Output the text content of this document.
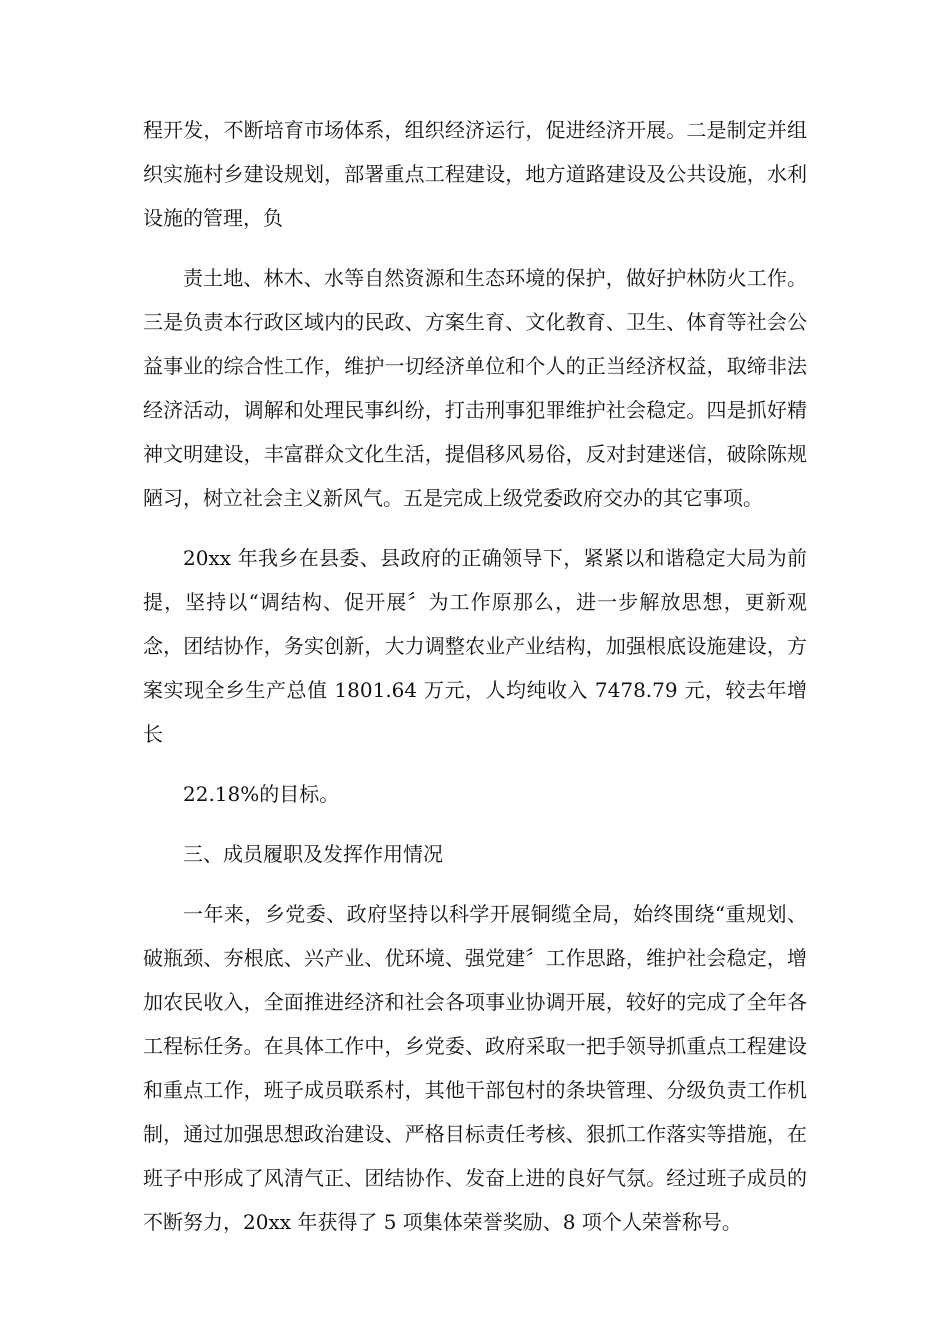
程开发，不断培育市场体系，组织经济运行，促进经济开展。二是制定并组织实施村乡建设规划，部署重点工程建设，地方道路建设及公共设施，水利设施的管理，负

责土地、林木、水等自然资源和生态环境的保护，做好护林防火工作。三是负责本行政区域内的民政、方案生育、文化教育、卫生、体育等社会公益事业的综合性工作，维护一切经济单位和个人的正当经济权益，取缔非法经济活动，调解和处理民事纠纷，打击刑事犯罪维护社会稳定。四是抓好精神文明建设，丰富群众文化生活，提倡移风易俗，反对封建迷信，破除陈规陋习，树立社会主义新风气。五是完成上级党委政府交办的其它事项。

20xx 年我乡在县委、县政府的正确领导下，紧紧以和谐稳定大局为前提，坚持以“调结构、促开展〞为工作原那么，进一步解放思想，更新观念，团结协作，务实创新，大力调整农业产业结构，加强根底设施建设，方案实现全乡生产总值 1801.64 万元，人均纯收入 7478.79 元，较去年增长

22.18%的目标。

三、成员履职及发挥作用情况

一年来，乡党委、政府坚持以科学开展铜缆全局，始终围绕“重规划、破瓶颈、夯根底、兴产业、优环境、强党建〞工作思路，维护社会稳定，增加农民收入，全面推进经济和社会各项事业协调开展，较好的完成了全年各工程标任务。在具体工作中，乡党委、政府采取一把手领导抓重点工程建设和重点工作，班子成员联系村，其他干部包村的条块管理、分级负责工作机制，通过加强思想政治建设、严格目标责任考核、狠抓工作落实等措施，在班子中形成了风清气正、团结协作、发奋上进的良好气氛。经过班子成员的不断努力，20xx 年获得了 5 项集体荣誉奖励、8 项个人荣誉称号。
